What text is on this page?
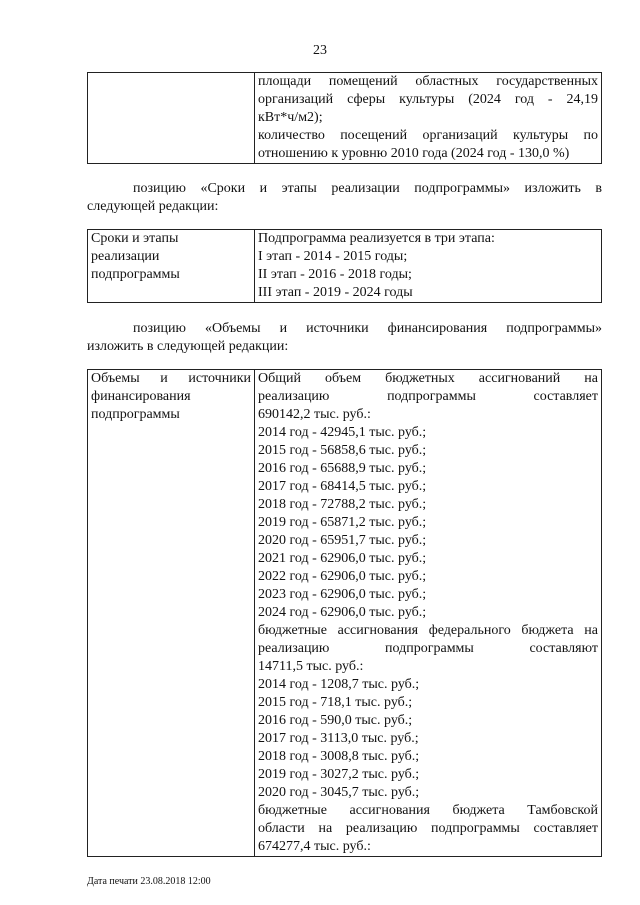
23

площади помещений областных государственных
организаций сферы культуры (2024 год - 24,19
кВт*ч/м2);
количество посещений организаций культуры по
отношению к уровню 2010 года (2024 год - 130,0 %)
позицию «Сроки и этапы реализации подпрограммы» изложить в
следующей редакции:
Сроки и этапы
реализации
подпрограммы

Подпрограмма реализуется в три этапа:
I этап - 2014 - 2015 годы;
II этап - 2016 - 2018 годы;
III этап - 2019 - 2024 годы
позицию «Объемы и источники финансирования подпрограммы»
изложить в следующей редакции:
Объемы и источники
финансирования
подпрограммы

Общий объем бюджетных ассигнований на
реализацию подпрограммы составляет
690142,2 тыс. руб.:
2014 год - 42945,1 тыс. руб.;
2015 год - 56858,6 тыс. руб.;
2016 год - 65688,9 тыс. руб.;
2017 год - 68414,5 тыс. руб.;
2018 год - 72788,2 тыс. руб.;
2019 год - 65871,2 тыс. руб.;
2020 год - 65951,7 тыс. руб.;
2021 год - 62906,0 тыс. руб.;
2022 год - 62906,0 тыс. руб.;
2023 год - 62906,0 тыс. руб.;
2024 год - 62906,0 тыс. руб.;
бюджетные ассигнования федерального бюджета на
реализацию подпрограммы составляют
14711,5 тыс. руб.:
2014 год - 1208,7 тыс. руб.;
2015 год - 718,1 тыс. руб.;
2016 год - 590,0 тыс. руб.;
2017 год - 3113,0 тыс. руб.;
2018 год - 3008,8 тыс. руб.;
2019 год - 3027,2 тыс. руб.;
2020 год - 3045,7 тыс. руб.;
бюджетные ассигнования бюджета Тамбовской
области на реализацию подпрограммы составляет
674277,4 тыс. руб.:
Дата печати 23.08.2018 12:00
